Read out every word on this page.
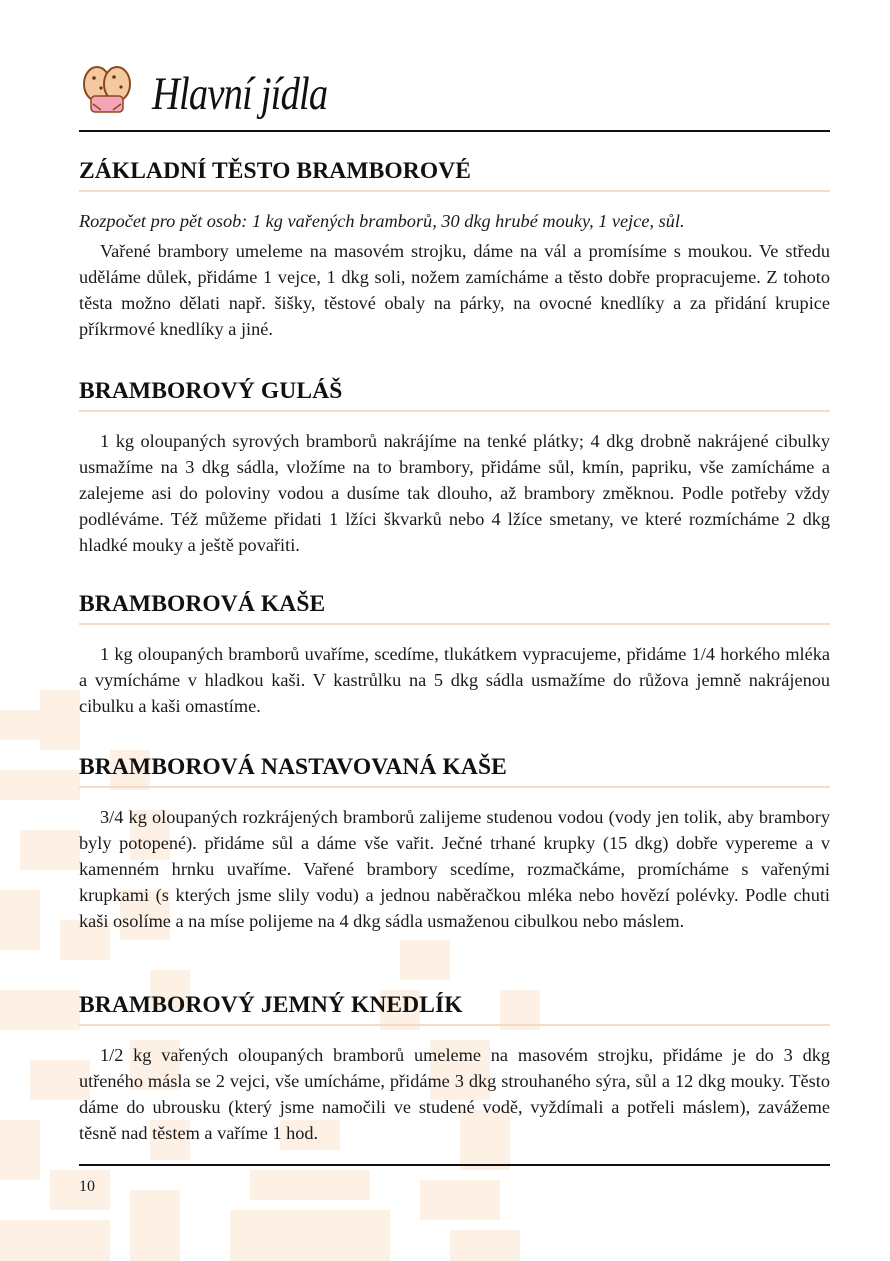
Hlavní jídla
ZÁKLADNÍ TĚSTO BRAMBOROVÉ

Rozpočet pro pět osob: 1 kg vařených bramborů, 30 dkg hrubé mouky, 1 vejce, sůl.

Vařené brambory umeleme na masovém strojku, dáme na vál a promísíme s moukou. Ve středu uděláme důlek, přidáme 1 vejce, 1 dkg soli, nožem zamícháme a těsto dobře propracujeme. Z tohoto těsta možno dělati např. šišky, těstové obaly na párky, na ovocné knedlíky a za přidání krupice příkrmové knedlíky a jiné.

BRAMBOROVÝ GULÁŠ

1 kg oloupaných syrových bramborů nakrájíme na tenké plátky; 4 dkg drobně nakrájené cibulky usmažíme na 3 dkg sádla, vložíme na to brambory, přidáme sůl, kmín, papriku, vše zamícháme a zalejeme asi do poloviny vodou a dusíme tak dlouho, až brambory změknou. Podle potřeby vždy podléváme. Též můžeme přidati 1 lžíci škvarků nebo 4 lžíce smetany, ve které rozmícháme 2 dkg hladké mouky a ještě povařiti.

BRAMBOROVÁ KAŠE

1 kg oloupaných bramborů uvaříme, scedíme, tlukátkem vypracujeme, přidáme 1/4 horkého mléka a vymícháme v hladkou kaši. V kastrůlku na 5 dkg sádla usmažíme do růžova jemně nakrájenou cibulku a kaši omastíme.

BRAMBOROVÁ NASTAVOVANÁ KAŠE

3/4 kg oloupaných rozkrájených bramborů zalijeme studenou vodou (vody jen tolik, aby brambory byly potopené). přidáme sůl a dáme vše vařit. Ječné trhané krupky (15 dkg) dobře vypereme a v kamenném hrnku uvaříme. Vařené brambory scedíme, rozmačkáme, promícháme s vařenými krupkami (s kterých jsme slily vodu) a jednou naběračkou mléka nebo hovězí polévky. Podle chuti kaši osolíme a na míse polijeme na 4 dkg sádla usmaženou cibulkou nebo máslem.

BRAMBOROVÝ JEMNÝ KNEDLÍK

1/2 kg vařených oloupaných bramborů umeleme na masovém strojku, přidáme je do 3 dkg utřeného másla se 2 vejci, vše umícháme, přidáme 3 dkg strouhaného sýra, sůl a 12 dkg mouky. Těsto dáme do ubrousku (který jsme namočili ve studené vodě, vyždímali a potřeli máslem), zavážeme těsně nad těstem a vaříme 1 hod.

10
